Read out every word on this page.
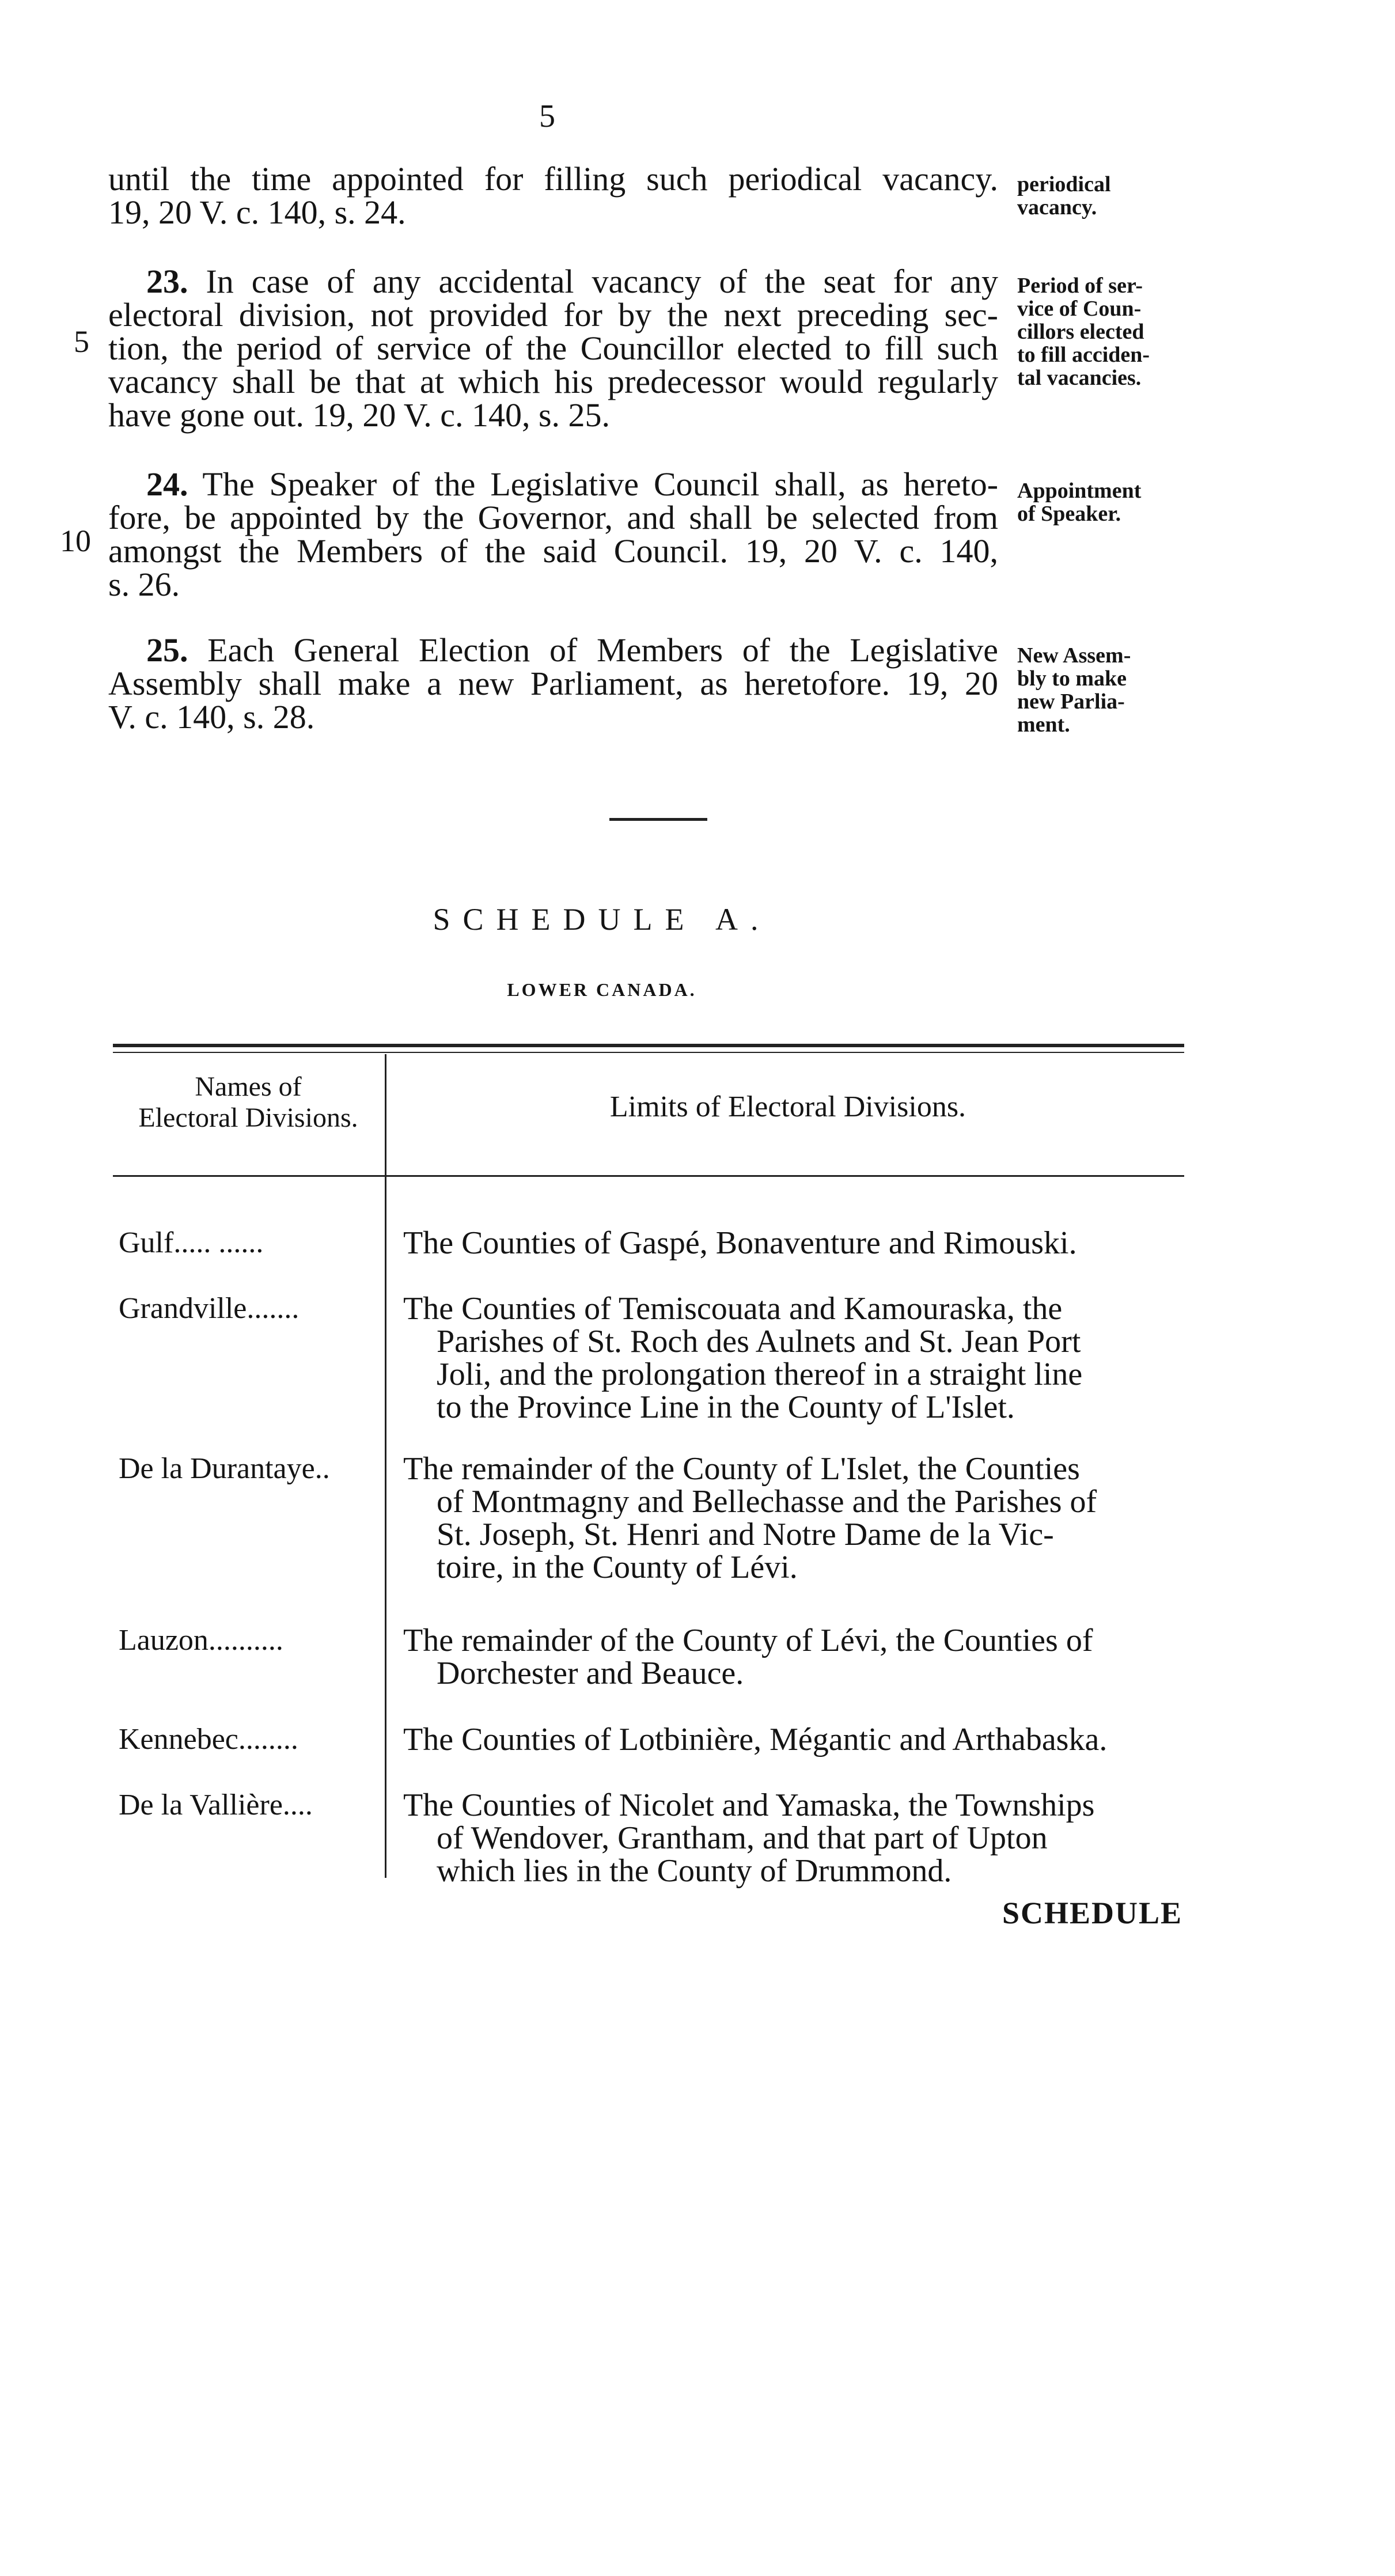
5
until the time appointed for filling such periodical vacancy.
19, 20 V. c. 140, s. 24.
periodical
vacancy.
23. In case of any accidental vacancy of the seat for any
electoral division, not provided for by the next preceding sec-
tion, the period of service of the Councillor elected to fill such
vacancy shall be that at which his predecessor would regularly
have gone out. 19, 20 V. c. 140, s. 25.
5
Period of ser-
vice of Coun-
cillors elected
to fill acciden-
tal vacancies.
24. The Speaker of the Legislative Council shall, as hereto-
fore, be appointed by the Governor, and shall be selected from
amongst the Members of the said Council. 19, 20 V. c. 140,
s. 26.
10
Appointment
of Speaker.
25. Each General Election of Members of the Legislative
Assembly shall make a new Parliament, as heretofore. 19, 20
V. c. 140, s. 28.
New Assem-
bly to make
new Parlia-
ment.
SCHEDULE A.
LOWER CANADA.
Names of
Electoral Divisions.	Limits of Electoral Divisions.
Gulf..... ......	The Counties of Gaspé, Bonaventure and Rimouski.
Grandville.......	The Counties of Temiscouata and Kamouraska, the
Parishes of St. Roch des Aulnets and St. Jean Port
Joli, and the prolongation thereof in a straight line
to the Province Line in the County of L'Islet.
De la Durantaye.. The remainder of the County of L'Islet, the Counties
of Montmagny and Bellechasse and the Parishes of
St. Joseph, St. Henri and Notre Dame de la Vic-
toire, in the County of Lévi.
Lauzon..........	The remainder of the County of Lévi, the Counties of
Dorchester and Beauce.
Kennebec........	The Counties of Lotbinière, Mégantic and Arthabaska.
De la Vallière....	The Counties of Nicolet and Yamaska, the Townships
of Wendover, Grantham, and that part of Upton
which lies in the County of Drummond.
SCHEDULE
